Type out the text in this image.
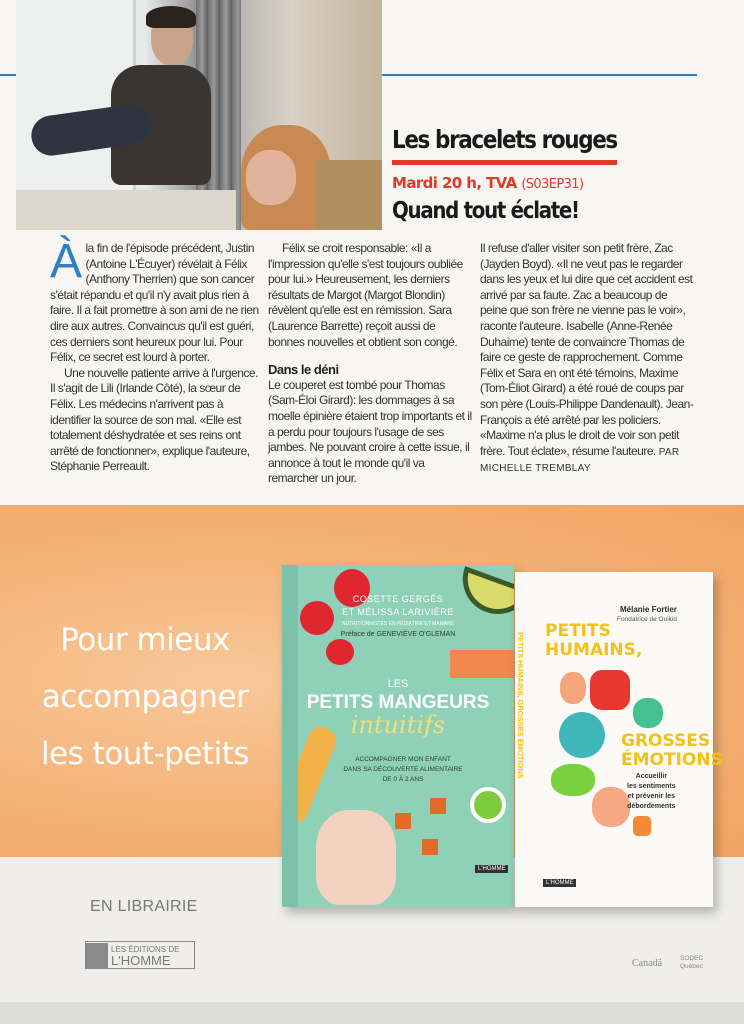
Les bracelets rouges
Mardi 20 h, TVA (S03EP31)
Quand tout éclate!

À la fin de l'épisode précédent, Justin (Antoine L'Écuyer) révélait à Félix (Anthony Therrien) que son cancer s'était répandu et qu'il n'y avait plus rien à faire. Il a fait promettre à son ami de ne rien dire aux autres. Convaincus qu'il est guéri, ces derniers sont heureux pour lui. Pour Félix, ce secret est lourd à porter.

Une nouvelle patiente arrive à l'urgence. Il s'agit de Lili (Irlande Côté), la sœur de Félix. Les médecins n'arrivent pas à identifier la source de son mal. «Elle est totalement déshydratée et ses reins ont arrêté de fonctionner», explique l'auteure, Stéphanie Perreault.

Félix se croit responsable: «Il a l'impression qu'elle s'est toujours oubliée pour lui.» Heureusement, les derniers résultats de Margot (Margot Blondin) révèlent qu'elle est en rémission. Sara (Laurence Barrette) reçoit aussi de bonnes nouvelles et obtient son congé.

Dans le déni

Le couperet est tombé pour Thomas (Sam-Éloi Girard): les dommages à sa moelle épinière étaient trop importants et il a perdu pour toujours l'usage de ses jambes. Ne pouvant croire à cette issue, il annonce à tout le monde qu'il va remarcher un jour.

Il refuse d'aller visiter son petit frère, Zac (Jayden Boyd). «Il ne veut pas le regarder dans les yeux et lui dire que cet accident est arrivé par sa faute. Zac a beaucoup de peine que son frère ne vienne pas le voir», raconte l'auteure. Isabelle (Anne-Renée Duhaime) tente de convaincre Thomas de faire ce geste de rapprochement. Comme Félix et Sara en ont été témoins, Maxime (Tom-Éliot Girard) a été roué de coups par son père (Louis-Philippe Dandenault). Jean-François a été arrêté par les policiers. «Maxime n'a plus le droit de voir son petit frère. Tout éclate», résume l'auteure. PAR MICHELLE TREMBLAY

Pour mieux
accompagner
les tout-petits
COSETTE GERGÈS
ET MÉLISSA LARIVIÈRE
NUTRITIONNISTES EN PÉDIATRIE ET MAMANS
Préface de GENEVIÈVE O'GLEMAN
LES
PETITS MANGEURS
intuitifs
ACCOMPAGNER MON ENFANT
DANS SA DÉCOUVERTE ALIMENTAIRE
DE 0 À 2 ANS
L'HOMME
Mélanie Fortier
Fondatrice de Ouikid
PETITS
HUMAINS,
GROSSES
ÉMOTIONS
Accueillir
les sentiments
et prévenir les
débordements
PETITS HUMAINS, GROSSES ÉMOTIONS
L'HOMME
EN LIBRAIRIE
LES ÉDITIONS DE
L'HOMME	Canadä	SODEC Québec
